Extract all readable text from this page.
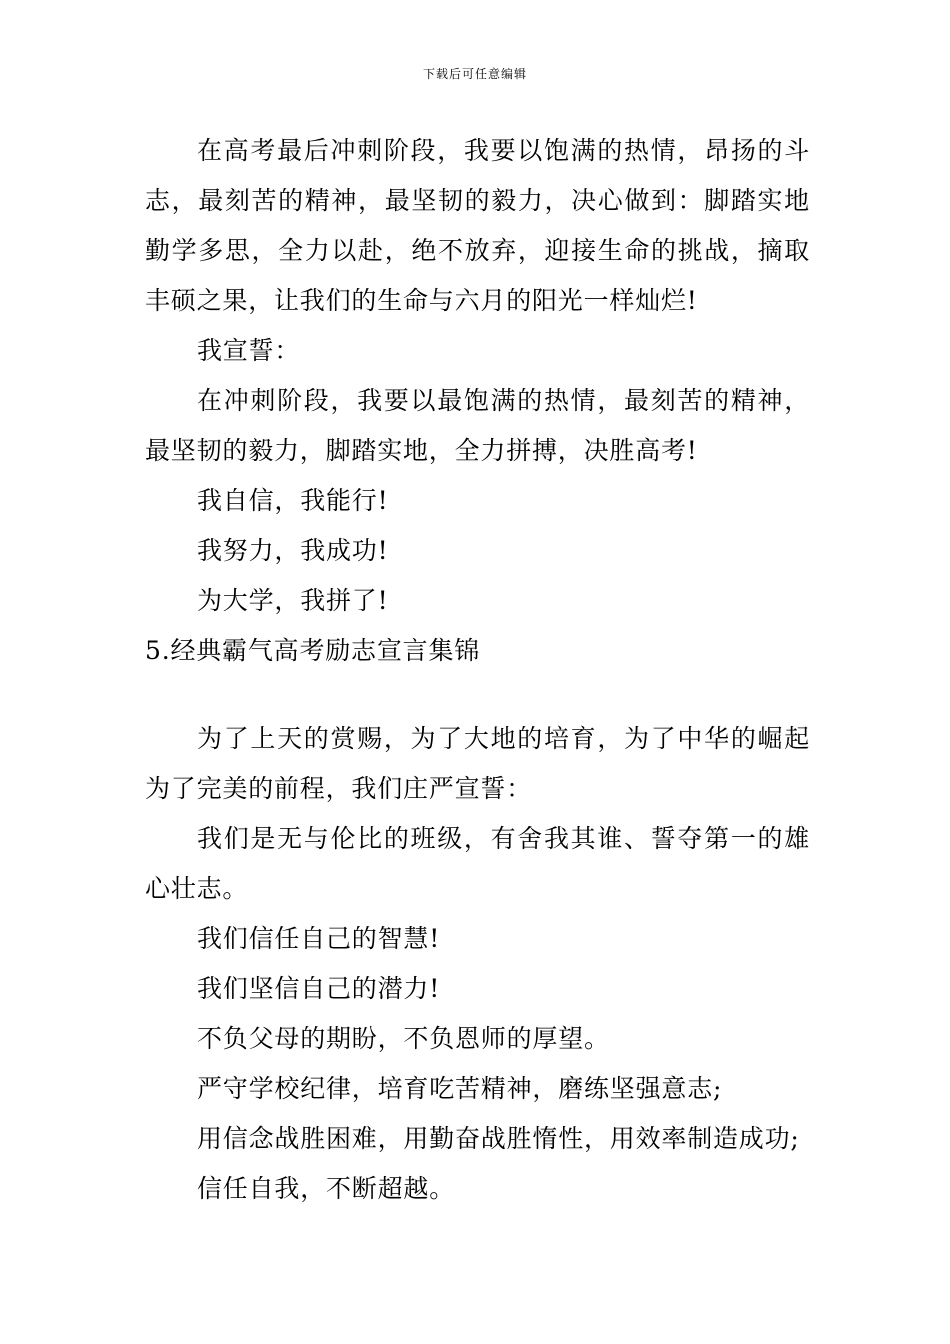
下载后可任意编辑

在高考最后冲刺阶段，我要以饱满的热情，昂扬的斗志，最刻苦的精神，最坚韧的毅力，决心做到：脚踏实地勤学多思，全力以赴，绝不放弃，迎接生命的挑战，摘取丰硕之果，让我们的生命与六月的阳光一样灿烂!

我宣誓：

在冲刺阶段，我要以最饱满的热情，最刻苦的精神，最坚韧的毅力，脚踏实地，全力拼搏，决胜高考!

我自信，我能行!

我努力，我成功!

为大学，我拼了!

5.经典霸气高考励志宣言集锦

为了上天的赏赐，为了大地的培育，为了中华的崛起为了完美的前程，我们庄严宣誓：

我们是无与伦比的班级，有舍我其谁、誓夺第一的雄心壮志。

我们信任自己的智慧!

我们坚信自己的潜力!

不负父母的期盼，不负恩师的厚望。

严守学校纪律，培育吃苦精神，磨练坚强意志;

用信念战胜困难，用勤奋战胜惰性，用效率制造成功;

信任自我，不断超越。
